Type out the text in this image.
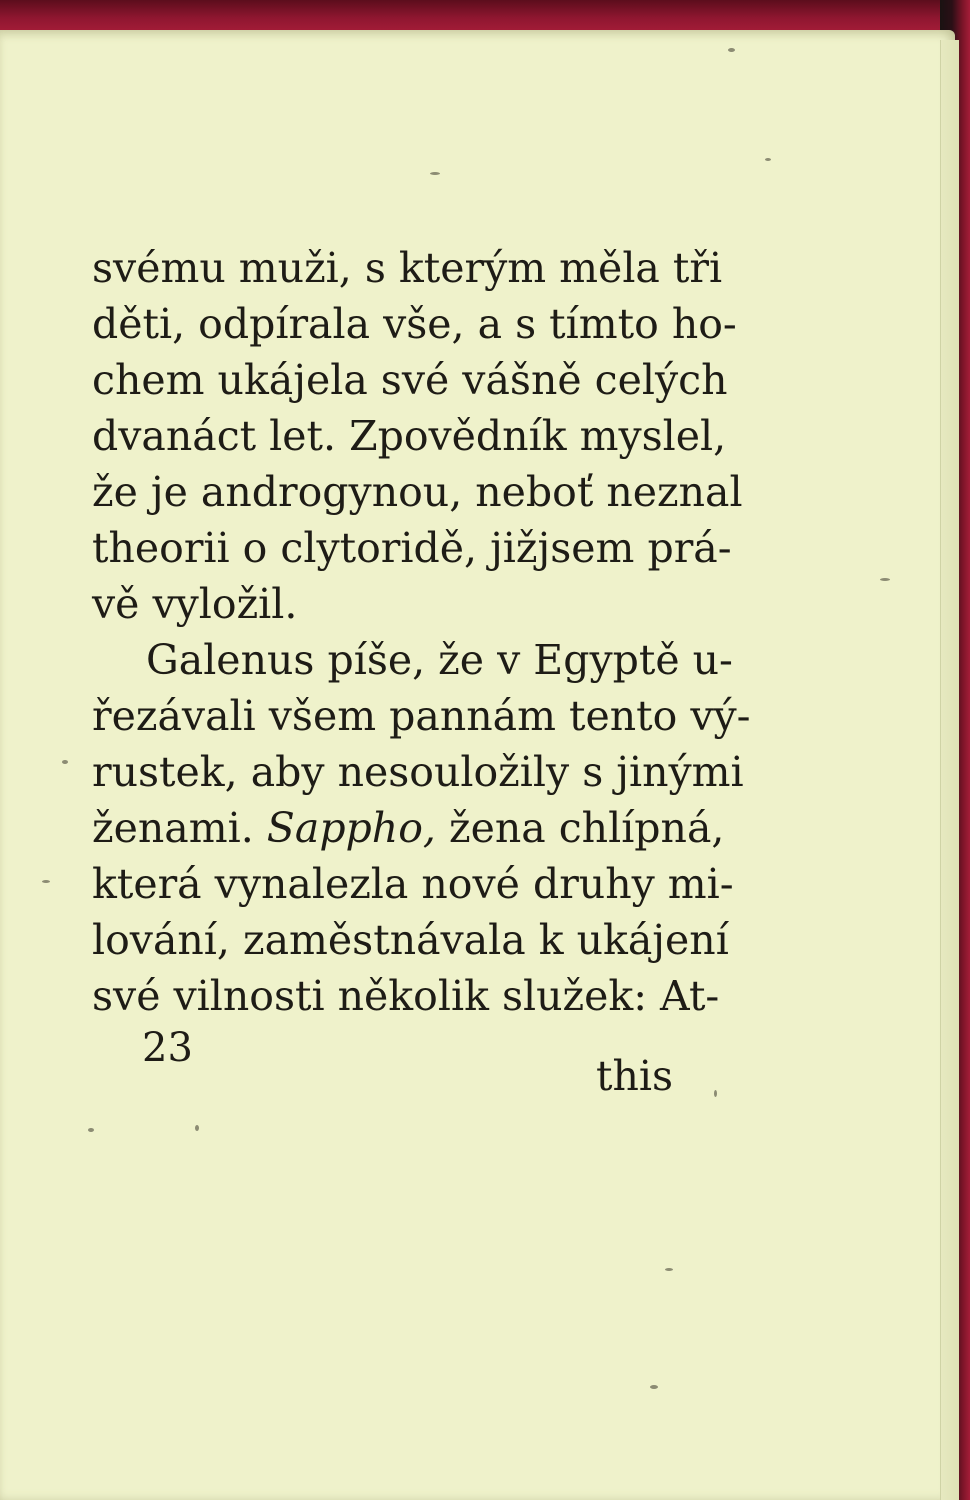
svému muži, s kterým měla tři
děti, odpírala vše, a s tímto ho-
chem ukájela své vášně celých
dvanáct let. Zpovědník myslel,
že je androgynou, neboť neznal
theorii o clytoridě, jižjsem prá-
vě vyložil.
Galenus píše, že v Egyptě u-
řezávali všem pannám tento vý-
rustek, aby nesouložily s jinými
ženami. Sappho, žena chlípná,
která vynalezla nové druhy mi-
lování, zaměstnávala k ukájení
své vilnosti několik služek: At-
23
this
